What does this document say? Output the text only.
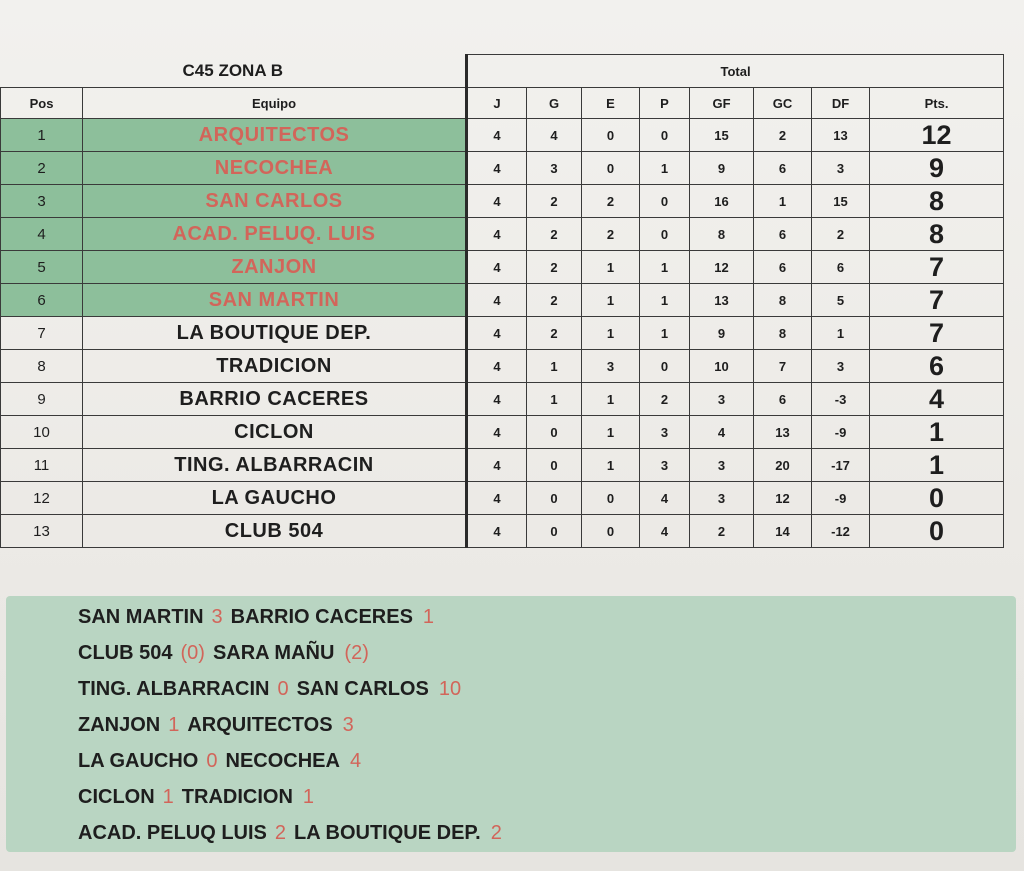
C45 ZONA B		Total							
Pos	Equipo	J	G	E	P	GF	GC	DF	Pts.
1	ARQUITECTOS	4	4	0	0	15	2	13	12
2	NECOCHEA	4	3	0	1	9	6	3	9
3	SAN CARLOS	4	2	2	0	16	1	15	8
4	ACAD. PELUQ. LUIS	4	2	2	0	8	6	2	8
5	ZANJON	4	2	1	1	12	6	6	7
6	SAN MARTIN	4	2	1	1	13	8	5	7
7	LA BOUTIQUE DEP.	4	2	1	1	9	8	1	7
8	TRADICION	4	1	3	0	10	7	3	6
9	BARRIO CACERES	4	1	1	2	3	6	-3	4
10	CICLON	4	0	1	3	4	13	-9	1
11	TING. ALBARRACIN	4	0	1	3	3	20	-17	1
12	LA GAUCHO	4	0	0	4	3	12	-9	0
13	CLUB 504	4	0	0	4	2	14	-12	0
SAN MARTIN 3 BARRIO CACERES 1
CLUB 504 (0) SARA MAÑU (2)
TING. ALBARRACIN 0 SAN CARLOS 10
ZANJON 1 ARQUITECTOS 3
LA GAUCHO 0 NECOCHEA 4
CICLON 1 TRADICION 1
ACAD. PELUQ LUIS 2 LA BOUTIQUE DEP. 2
